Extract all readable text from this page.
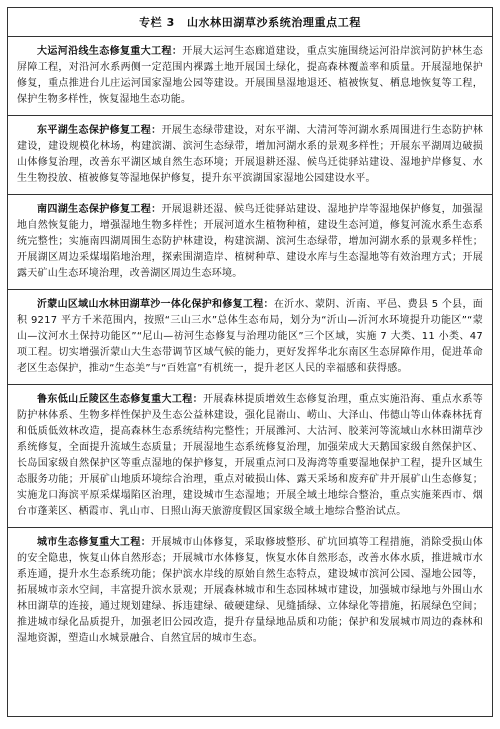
专栏 3 山水林田湖草沙系统治理重点工程
大运河沿线生态修复重大工程：开展大运河生态廊道建设，重点实施围绕运河沿岸滨河防护林生态屏障工程，对沿河水系两侧一定范围内裸露土地开展国土绿化，提高森林覆盖率和质量。开展湿地保护修复，重点推进台儿庄运河国家湿地公园等建设。开展围垦湿地退还、植被恢复、栖息地恢复等工程，保护生物多样性，恢复湿地生态功能。
东平湖生态保护修复工程：开展生态绿带建设，对东平湖、大清河等河湖水系周围进行生态防护林建设，建设规模化林场，构建滨湖、滨河生态绿带，增加河湖水系的景观多样性；开展东平湖周边破损山体修复治理，改善东平湖区域自然生态环境；开展退耕还湿、候鸟迁徙驿站建设、湿地护岸修复、水生生物投放、植被修复等湿地保护修复，提升东平滨湖国家湿地公园建设水平。
南四湖生态保护修复工程：开展退耕还湿、候鸟迁徙驿站建设、湿地护岸等湿地保护修复，加强湿地自然恢复能力，增强湿地生物多样性；开展河道水生植物种植，建设生态河道，修复河流水系生态系统完整性；实施南四湖周围生态防护林建设，构建滨湖、滨河生态绿带，增加河湖水系的景观多样性；开展湖区周边采煤塌陷地治理，探索围湖造岸、植树种草、建设水库与生态湿地等有效治理方式；开展露天矿山生态环境治理，改善湖区周边生态环境。
沂蒙山区域山水林田湖草沙一体化保护和修复工程：在沂水、蒙阴、沂南、平邑、费县 5 个县，面积 9217 平方千米范围内，按照“三山三水”总体生态布局，划分为“沂山—沂河水环境提升功能区”“蒙山—汶河水土保持功能区”“尼山—祊河生态修复与治理功能区”三个区域，实施 7 大类、11 小类、47 项工程。切实增强沂蒙山大生态带调节区域气候的能力，更好发挥华北东南区生态屏障作用，促进革命老区生态保护，推动“生态美”与“百姓富”有机统一，提升老区人民的幸福感和获得感。
鲁东低山丘陵区生态修复重大工程：开展森林提质增效生态修复治理，重点实施沿海、重点水系等防护林体系、生物多样性保护及生态公益林建设，强化昆嵛山、崂山、大泽山、伟德山等山体森林抚育和低质低效林改造，提高森林生态系统结构完整性；开展潍河、大沽河、胶莱河等流域山水林田湖草沙系统修复，全面提升流域生态质量；开展湿地生态系统修复治理，加强荣成大天鹅国家级自然保护区、长岛国家级自然保护区等重点湿地的保护修复，开展重点河口及海湾等重要湿地保护工程，提升区域生态服务功能；开展矿山地质环境综合治理，重点对破损山体、露天采场和废弃矿井开展矿山生态修复；实施龙口海滨平原采煤塌陷区治理，建设城市生态湿地；开展全域土地综合整治，重点实施莱西市、烟台市蓬莱区、栖霞市、乳山市、日照山海天旅游度假区国家级全域土地综合整治试点。
城市生态修复重大工程：开展城市山体修复，采取修坡整形、矿坑回填等工程措施，消除受损山体的安全隐患，恢复山体自然形态；开展城市水体修复，恢复水体自然形态，改善水体水质，推进城市水系连通，提升水生态系统功能；保护滨水岸线的原始自然生态特点，建设城市滨河公园、湿地公园等，拓展城市亲水空间，丰富提升滨水景观；开展森林城市和生态园林城市建设，加强城市绿地与外围山水林田湖草的连接，通过规划建绿、拆违建绿、破硬建绿、见缝插绿、立体绿化等措施，拓展绿色空间；推进城市绿化品质提升，加强老旧公园改造，提升存量绿地品质和功能；保护和发展城市周边的森林和湿地资源，塑造山水城景融合、自然宜居的城市生态。
